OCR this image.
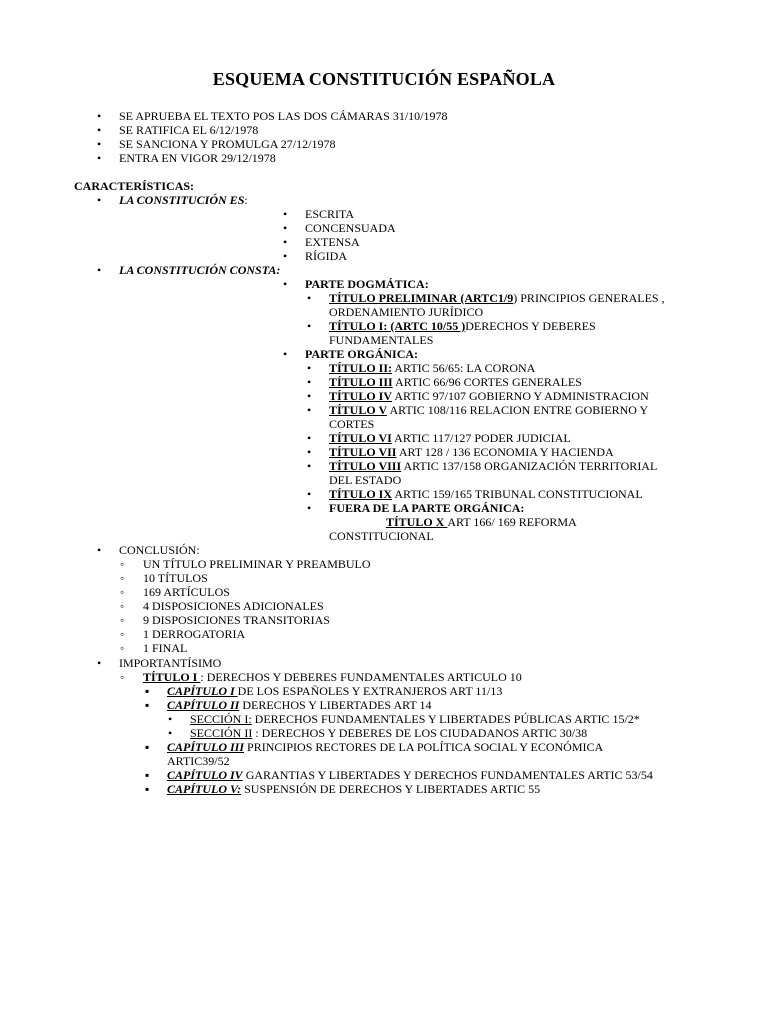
ESQUEMA CONSTITUCIÓN ESPAÑOLA
• SE APRUEBA EL TEXTO POS LAS DOS CÁMARAS 31/10/1978
• SE RATIFICA EL 6/12/1978
• SE SANCIONA Y PROMULGA 27/12/1978
• ENTRA EN VIGOR 29/12/1978
CARACTERÍSTICAS:
• LA CONSTITUCIÓN ES:
• ESCRITA
• CONCENSUADA
• EXTENSA
• RÍGIDA
• LA CONSTITUCIÓN CONSTA:
• PARTE DOGMÁTICA:
• TÍTULO PRELIMINAR (ARTC1/9) PRINCIPIOS GENERALES ,
ORDENAMIENTO JURÍDICO
• TÍTULO I: (ARTC 10/55 )DERECHOS Y DEBERES
FUNDAMENTALES
• PARTE ORGÁNICA:
• TÍTULO II: ARTIC 56/65: LA CORONA
• TÍTULO III ARTIC 66/96 CORTES GENERALES
• TÍTULO IV ARTIC 97/107 GOBIERNO Y ADMINISTRACION
• TÍTULO V ARTIC 108/116 RELACION ENTRE GOBIERNO Y
CORTES
• TÍTULO VI ARTIC 117/127 PODER JUDICIAL
• TÍTULO VII ART 128 / 136 ECONOMIA Y HACIENDA
• TÍTULO VIII ARTIC 137/158 ORGANIZACIÓN TERRITORIAL
DEL ESTADO
• TÍTULO IX ARTIC 159/165 TRIBUNAL CONSTITUCIONAL
• FUERA DE LA PARTE ORGÁNICA:
TÍTULO X ART 166/ 169 REFORMA
CONSTITUCIONAL
• CONCLUSIÓN:
◦ UN TÍTULO PRELIMINAR Y PREAMBULO
◦ 10 TÍTULOS
◦ 169 ARTÍCULOS
◦ 4 DISPOSICIONES ADICIONALES
◦ 9 DISPOSICIONES TRANSITORIAS
◦ 1 DERROGATORIA
◦ 1 FINAL
• IMPORTANTÍSIMO
◦ TÍTULO I : DERECHOS Y DEBERES FUNDAMENTALES ARTICULO 10
▪ CAPÍTULO I DE LOS ESPAÑOLES Y EXTRANJEROS ART 11/13
▪ CAPÍTULO II DERECHOS Y LIBERTADES ART 14
• SECCIÓN I: DERECHOS FUNDAMENTALES Y LIBERTADES PÚBLICAS ARTIC 15/2*
• SECCIÓN II : DERECHOS Y DEBERES DE LOS CIUDADANOS ARTIC 30/38
▪ CAPÍTULO III PRINCIPIOS RECTORES DE LA POLÍTICA SOCIAL Y ECONÓMICA
ARTIC39/52
▪ CAPÍTULO IV GARANTIAS Y LIBERTADES Y DERECHOS FUNDAMENTALES ARTIC 53/54
▪ CAPÍTULO V: SUSPENSIÓN DE DERECHOS Y LIBERTADES ARTIC 55
